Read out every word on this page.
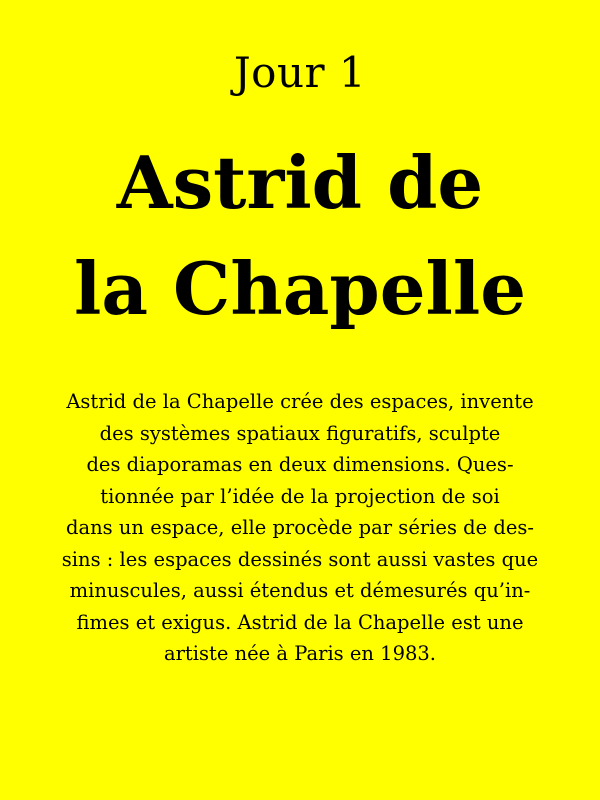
Jour 1
Astrid de
la Chapelle

Astrid de la Chapelle crée des espaces, invente
des systèmes spatiaux figuratifs, sculpte
des diaporamas en deux dimensions. Ques-
tionnée par l’idée de la projection de soi
dans un espace, elle procède par séries de des-
sins : les espaces dessinés sont aussi vastes que
minuscules, aussi étendus et démesurés qu’in-
fimes et exigus. Astrid de la Chapelle est une
artiste née à Paris en 1983.
